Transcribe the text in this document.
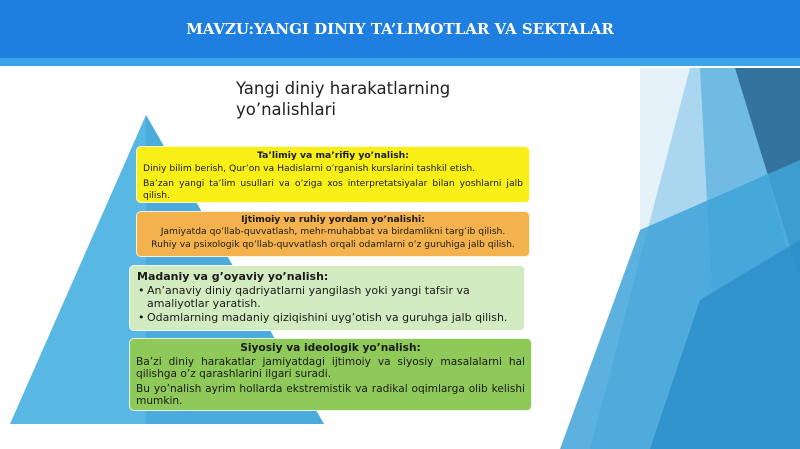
MAVZU:YANGI DINIY TA’LIMOTLAR VA SEKTALAR
Yangi diniy harakatlarning yo’nalishlari
Ta’limiy va ma’rifiy yo’nalish:

Diniy bilim berish, Qur’on va Hadislarni o’rganish kurslarini tashkil etish.

Ba’zan yangi ta’lim usullari va o’ziga xos interpretatsiyalar bilan yoshlarni jalb qilish.

Ijtimoiy va ruhiy yordam yo’nalishi:

Jamiyatda qo’llab-quvvatlash, mehr-muhabbat va birdamlikni targ’ib qilish.

Ruhiy va psixologik qo’llab-quvvatlash orqali odamlarni o’z guruhiga jalb qilish.

Madaniy va g’oyaviy yo’nalish:
• An’anaviy diniy qadriyatlarni yangilash yoki yangi tafsir va amaliyotlar yaratish.
• Odamlarning madaniy qiziqishini uyg’otish va guruhga jalb qilish.
Siyosiy va ideologik yo’nalish:

Ba’zi diniy harakatlar jamiyatdagi ijtimoiy va siyosiy masalalarni hal qilishga o’z qarashlarini ilgari suradi.

Bu yo’nalish ayrim hollarda ekstremistik va radikal oqimlarga olib kelishi mumkin.
